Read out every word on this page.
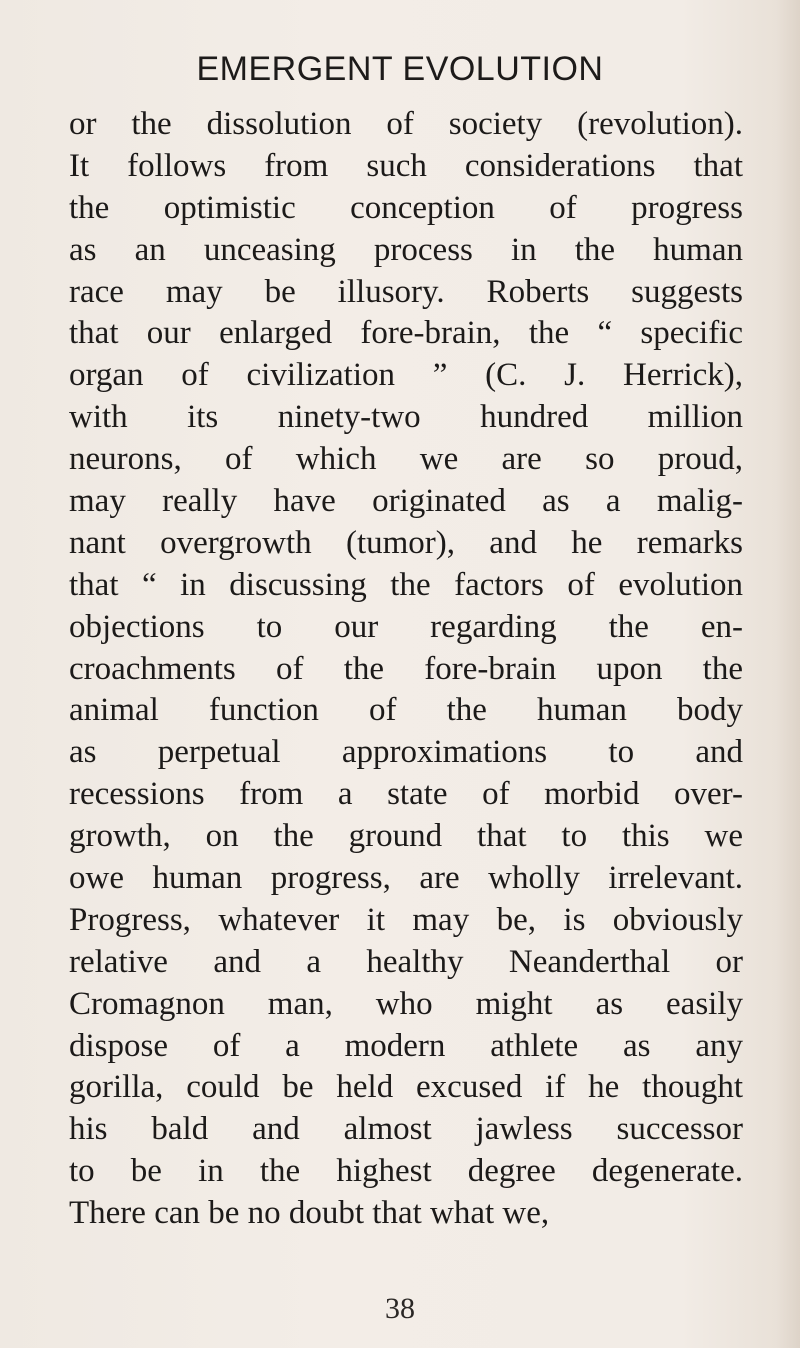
EMERGENT EVOLUTION
or the dissolution of society (revolution).
It follows from such considerations that
the optimistic conception of progress
as an unceasing process in the human
race may be illusory. Roberts suggests
that our enlarged fore-brain, the “ specific
organ of civilization ” (C. J. Herrick),
with its ninety-two hundred million
neurons, of which we are so proud,
may really have originated as a malig-
nant overgrowth (tumor), and he remarks
that “ in discussing the factors of evolution
objections to our regarding the en-
croachments of the fore-brain upon the
animal function of the human body
as perpetual approximations to and
recessions from a state of morbid over-
growth, on the ground that to this we
owe human progress, are wholly irrelevant.
Progress, whatever it may be, is obviously
relative and a healthy Neanderthal or
Cromagnon man, who might as easily
dispose of a modern athlete as any
gorilla, could be held excused if he thought
his bald and almost jawless successor
to be in the highest degree degenerate.
There can be no doubt that what we,
38
